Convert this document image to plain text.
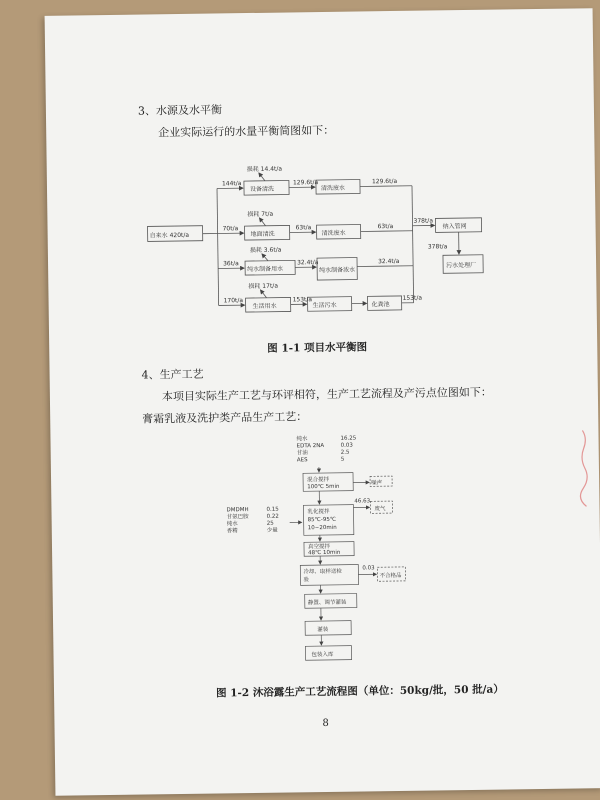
3、水源及水平衡
企业实际运行的水量平衡简图如下：
自来水 420t/a
144t/a
70t/a
36t/a
170t/a
损耗 14.4t/a
损耗 7t/a
损耗 3.6t/a
损耗 17t/a
设备清洗
地面清洗
纯水制备用水
生活用水
129.6t/a
63t/a
32.4t/a
153t/a
清洗废水
清洗废水
纯水制备浓水
生活污水	化粪池
129.6t/a
63t/a
32.4t/a
153t/a
378t/a
纳入管网
378t/a
污水处理厂
图 1-1 项目水平衡图
4、生产工艺
本项目实际生产工艺与环评相符，生产工艺流程及产污点位图如下：
膏霜乳液及洗护类产品生产工艺：
纯水	16.25
EDTA 2NA	0.03
甘油	2.5
AES	5
混合搅拌
100℃ 5min
噪声
46.63
废气
DMDMH	0.15
甘氨巴胺	0.22
纯水	25
香精	少量
乳化搅拌
85℃-95℃
10~20min
真空搅拌
48℃ 10min
冷却、取样送检
验
0.03
不合格品
静置、调节灌装
灌装
包装入库
图 1-2 沐浴露生产工艺流程图（单位：50kg/批，50 批/a）
8
